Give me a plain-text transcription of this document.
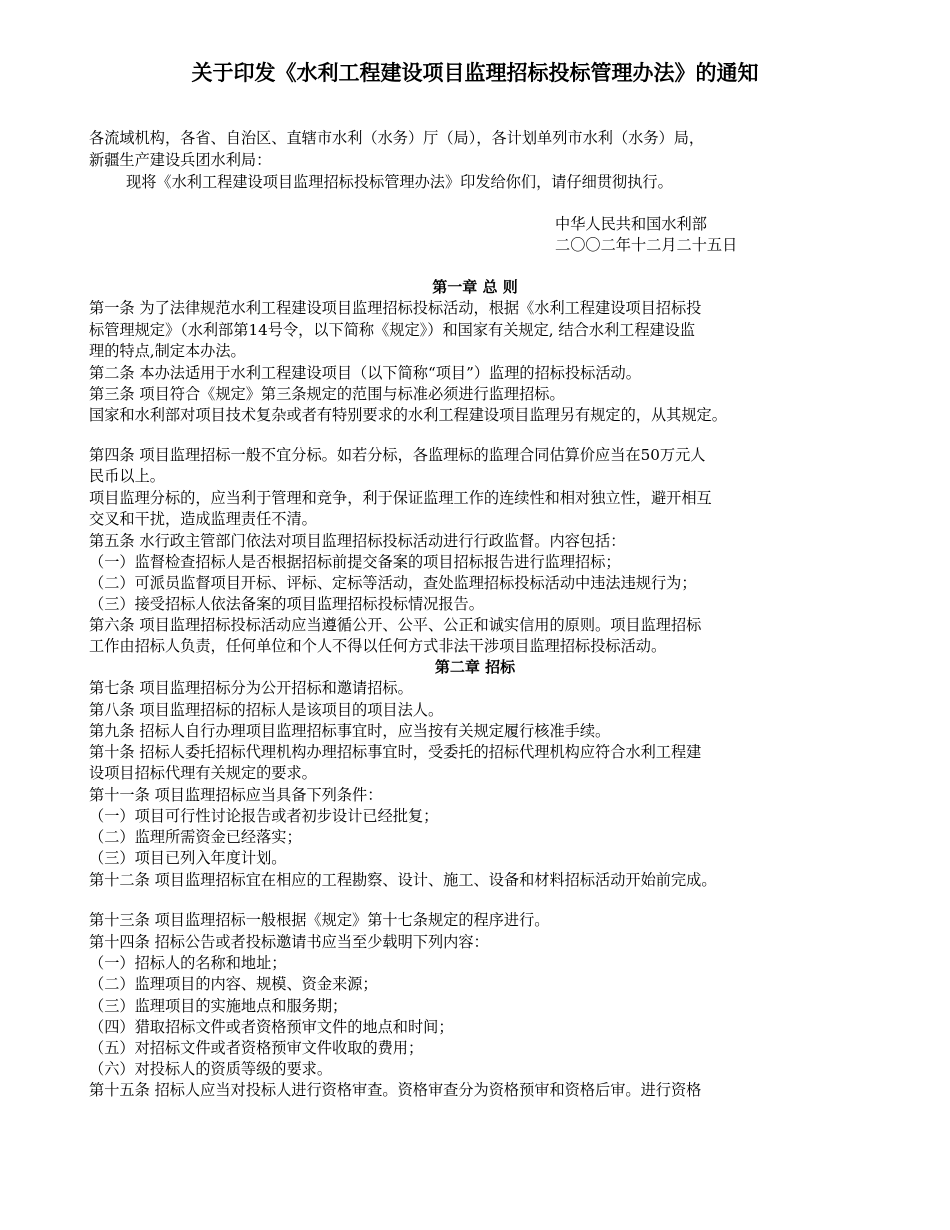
关于印发《水利工程建设项目监理招标投标管理办法》的通知
各流域机构，各省、自治区、直辖市水利（水务）厅（局），各计划单列市水利（水务）局，
新疆生产建设兵团水利局：
现将《水利工程建设项目监理招标投标管理办法》印发给你们，请仔细贯彻执行。
中华人民共和国水利部
二〇〇二年十二月二十五日
第一章 总 则
第一条 为了法律规范水利工程建设项目监理招标投标活动，根据《水利工程建设项目招标投
标管理规定》（水利部第14号令，以下简称《规定》）和国家有关规定, 结合水利工程建设监
理的特点,制定本办法。
第二条 本办法适用于水利工程建设项目（以下简称“项目”）监理的招标投标活动。
第三条 项目符合《规定》第三条规定的范围与标准必须进行监理招标。
国家和水利部对项目技术复杂或者有特别要求的水利工程建设项目监理另有规定的，从其规定。
第四条 项目监理招标一般不宜分标。如若分标，各监理标的监理合同估算价应当在50万元人
民币以上。
项目监理分标的，应当利于管理和竞争，利于保证监理工作的连续性和相对独立性，避开相互
交叉和干扰，造成监理责任不清。
第五条 水行政主管部门依法对项目监理招标投标活动进行行政监督。内容包括：
（一）监督检查招标人是否根据招标前提交备案的项目招标报告进行监理招标；
（二）可派员监督项目开标、评标、定标等活动，查处监理招标投标活动中违法违规行为；
（三）接受招标人依法备案的项目监理招标投标情况报告。
第六条 项目监理招标投标活动应当遵循公开、公平、公正和诚实信用的原则。项目监理招标
工作由招标人负责，任何单位和个人不得以任何方式非法干涉项目监理招标投标活动。
第二章 招标
第七条 项目监理招标分为公开招标和邀请招标。
第八条 项目监理招标的招标人是该项目的项目法人。
第九条 招标人自行办理项目监理招标事宜时，应当按有关规定履行核准手续。
第十条 招标人委托招标代理机构办理招标事宜时，受委托的招标代理机构应符合水利工程建
设项目招标代理有关规定的要求。
第十一条 项目监理招标应当具备下列条件：
（一）项目可行性讨论报告或者初步设计已经批复；
（二）监理所需资金已经落实；
（三）项目已列入年度计划。
第十二条 项目监理招标宜在相应的工程勘察、设计、施工、设备和材料招标活动开始前完成。
第十三条 项目监理招标一般根据《规定》第十七条规定的程序进行。
第十四条 招标公告或者投标邀请书应当至少载明下列内容：
（一）招标人的名称和地址；
（二）监理项目的内容、规模、资金来源；
（三）监理项目的实施地点和服务期；
（四）猎取招标文件或者资格预审文件的地点和时间；
（五）对招标文件或者资格预审文件收取的费用；
（六）对投标人的资质等级的要求。
第十五条 招标人应当对投标人进行资格审查。资格审查分为资格预审和资格后审。进行资格
